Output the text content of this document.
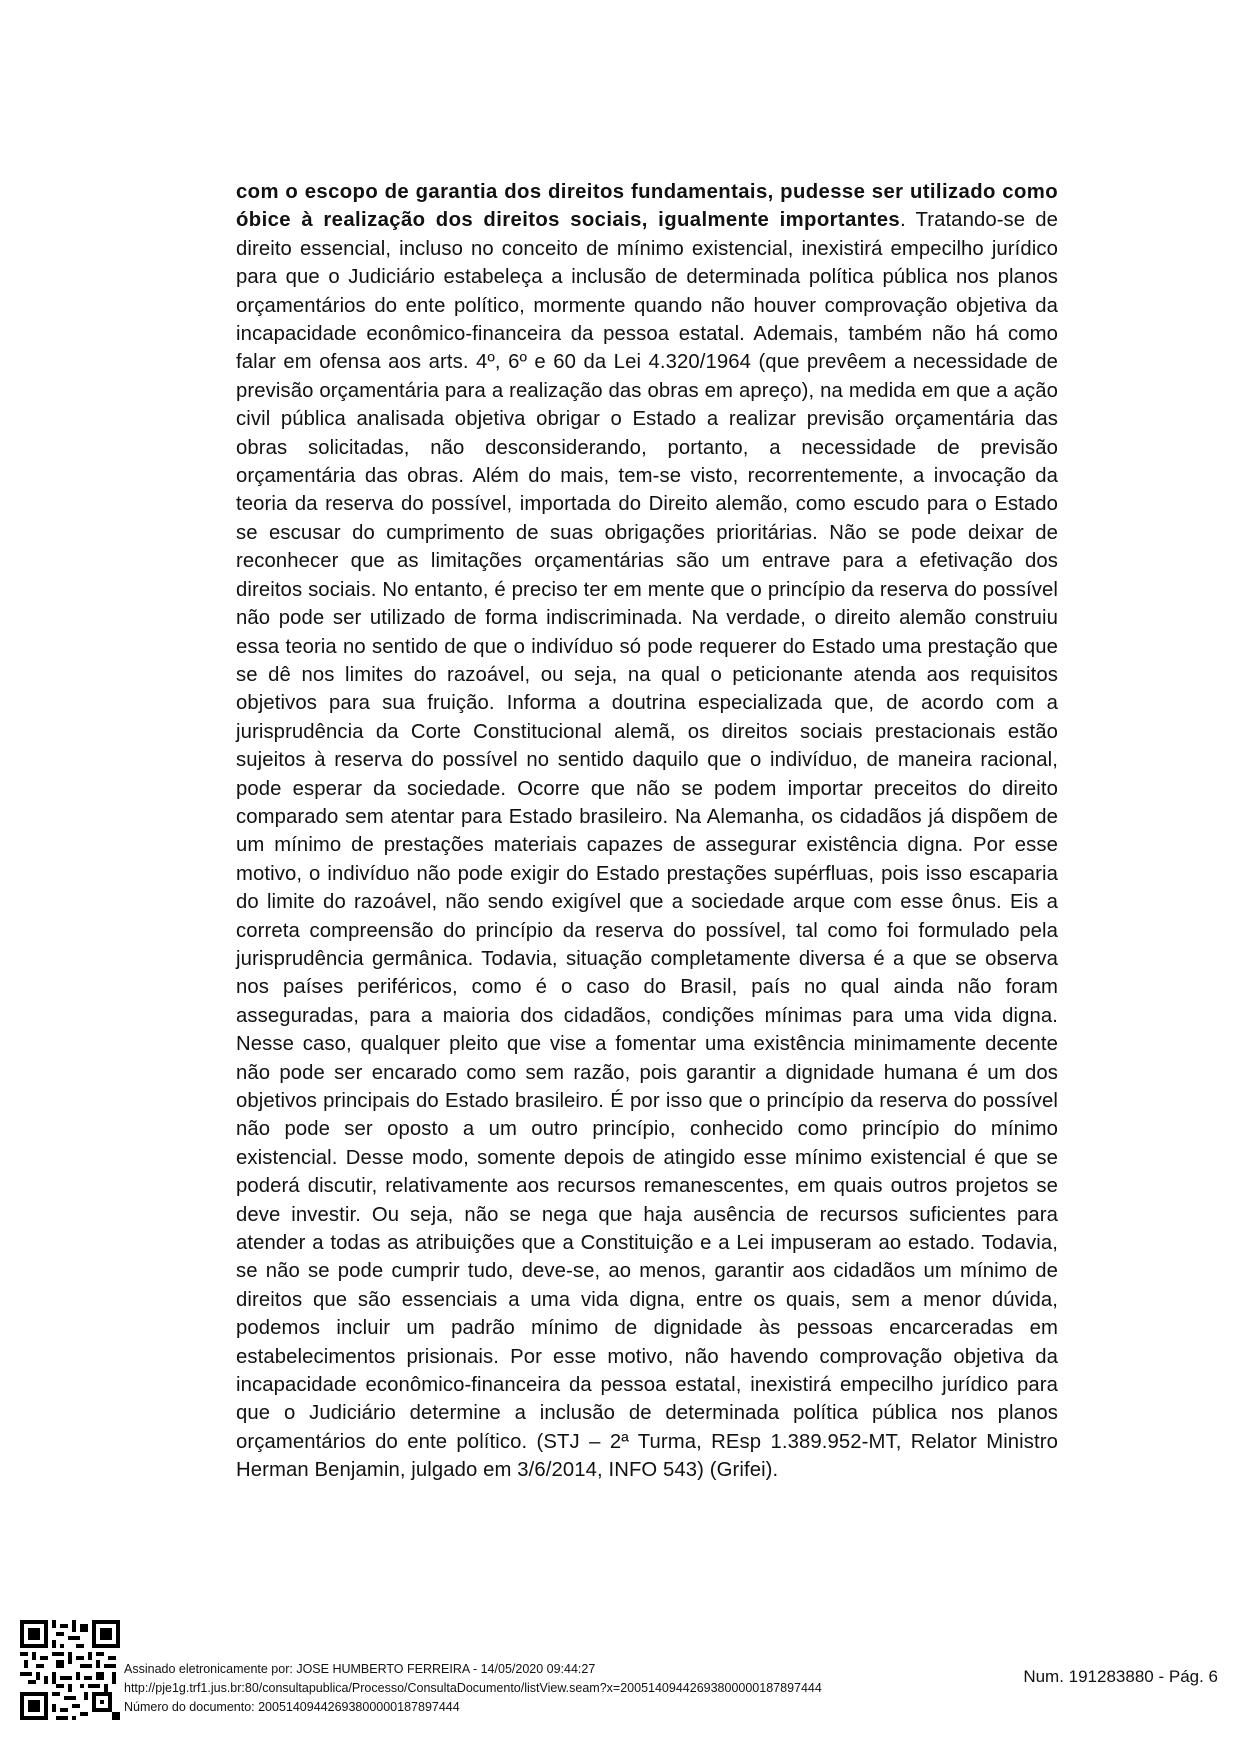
com o escopo de garantia dos direitos fundamentais, pudesse ser utilizado como óbice à realização dos direitos sociais, igualmente importantes. Tratando-se de direito essencial, incluso no conceito de mínimo existencial, inexistirá empecilho jurídico para que o Judiciário estabeleça a inclusão de determinada política pública nos planos orçamentários do ente político, mormente quando não houver comprovação objetiva da incapacidade econômico-financeira da pessoa estatal. Ademais, também não há como falar em ofensa aos arts. 4º, 6º e 60 da Lei 4.320/1964 (que prevêem a necessidade de previsão orçamentária para a realização das obras em apreço), na medida em que a ação civil pública analisada objetiva obrigar o Estado a realizar previsão orçamentária das obras solicitadas, não desconsiderando, portanto, a necessidade de previsão orçamentária das obras. Além do mais, tem-se visto, recorrentemente, a invocação da teoria da reserva do possível, importada do Direito alemão, como escudo para o Estado se escusar do cumprimento de suas obrigações prioritárias. Não se pode deixar de reconhecer que as limitações orçamentárias são um entrave para a efetivação dos direitos sociais. No entanto, é preciso ter em mente que o princípio da reserva do possível não pode ser utilizado de forma indiscriminada. Na verdade, o direito alemão construiu essa teoria no sentido de que o indivíduo só pode requerer do Estado uma prestação que se dê nos limites do razoável, ou seja, na qual o peticionante atenda aos requisitos objetivos para sua fruição. Informa a doutrina especializada que, de acordo com a jurisprudência da Corte Constitucional alemã, os direitos sociais prestacionais estão sujeitos à reserva do possível no sentido daquilo que o indivíduo, de maneira racional, pode esperar da sociedade. Ocorre que não se podem importar preceitos do direito comparado sem atentar para Estado brasileiro. Na Alemanha, os cidadãos já dispõem de um mínimo de prestações materiais capazes de assegurar existência digna. Por esse motivo, o indivíduo não pode exigir do Estado prestações supérfluas, pois isso escaparia do limite do razoável, não sendo exigível que a sociedade arque com esse ônus. Eis a correta compreensão do princípio da reserva do possível, tal como foi formulado pela jurisprudência germânica. Todavia, situação completamente diversa é a que se observa nos países periféricos, como é o caso do Brasil, país no qual ainda não foram asseguradas, para a maioria dos cidadãos, condições mínimas para uma vida digna. Nesse caso, qualquer pleito que vise a fomentar uma existência minimamente decente não pode ser encarado como sem razão, pois garantir a dignidade humana é um dos objetivos principais do Estado brasileiro. É por isso que o princípio da reserva do possível não pode ser oposto a um outro princípio, conhecido como princípio do mínimo existencial. Desse modo, somente depois de atingido esse mínimo existencial é que se poderá discutir, relativamente aos recursos remanescentes, em quais outros projetos se deve investir. Ou seja, não se nega que haja ausência de recursos suficientes para atender a todas as atribuições que a Constituição e a Lei impuseram ao estado. Todavia, se não se pode cumprir tudo, deve-se, ao menos, garantir aos cidadãos um mínimo de direitos que são essenciais a uma vida digna, entre os quais, sem a menor dúvida, podemos incluir um padrão mínimo de dignidade às pessoas encarceradas em estabelecimentos prisionais. Por esse motivo, não havendo comprovação objetiva da incapacidade econômico-financeira da pessoa estatal, inexistirá empecilho jurídico para que o Judiciário determine a inclusão de determinada política pública nos planos orçamentários do ente político. (STJ – 2ª Turma, REsp 1.389.952-MT, Relator Ministro Herman Benjamin, julgado em 3/6/2014, INFO 543) (Grifei).

Assinado eletronicamente por: JOSE HUMBERTO FERREIRA - 14/05/2020 09:44:27
http://pje1g.trf1.jus.br:80/consultapublica/Processo/ConsultaDocumento/listView.seam?x=20051409442693800000187897444
Número do documento: 20051409442693800000187897444
Num. 191283880 - Pág. 6
